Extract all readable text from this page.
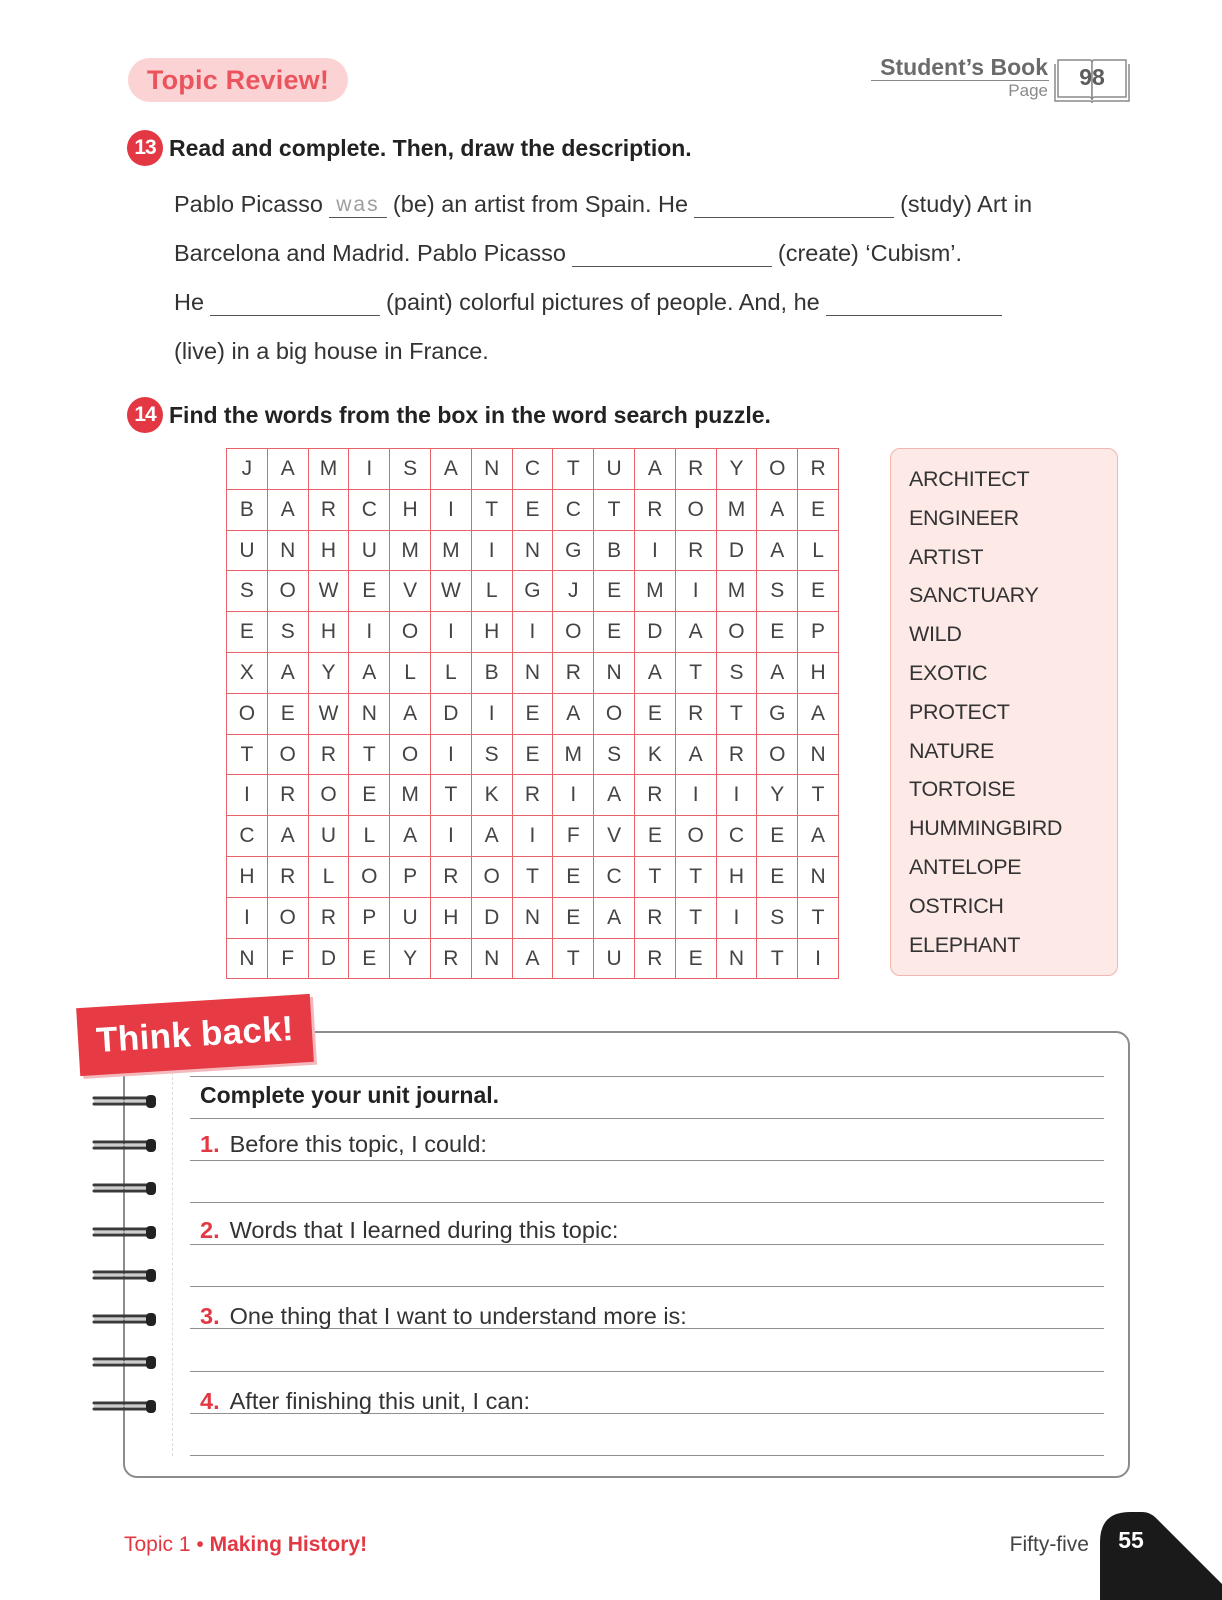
Topic Review!	Student’s Book
Page
98
13 Read and complete. Then, draw the description.
Pablo Picasso was (be) an artist from Spain. He	(study) Art in
Barcelona and Madrid. Pablo Picasso	(create) ‘Cubism’.
He	(paint) colorful pictures of people. And, he
(live) in a big house in France.
14 Find the words from the box in the word search puzzle.
J	A	M	I	S	A	N	C	T	U	A	R	Y	O	R
B	A	R	C	H	I	T	E	C	T	R	O	M	A	E
U	N	H	U	M	M	I	N	G	B	I	R	D	A	L
S	O	W	E	V	W	L	G	J	E	M	I	M	S	E
E	S	H	I	O	I	H	I	O	E	D	A	O	E	P
X	A	Y	A	L	L	B	N	R	N	A	T	S	A	H
O	E	W	N	A	D	I	E	A	O	E	R	T	G	A
T	O	R	T	O	I	S	E	M	S	K	A	R	O	N
I	R	O	E	M	T	K	R	I	A	R	I	I	Y	T
C	A	U	L	A	I	A	I	F	V	E	O	C	E	A
H	R	L	O	P	R	O	T	E	C	T	T	H	E	N
I	O	R	P	U	H	D	N	E	A	R	T	I	S	T
N	F	D	E	Y	R	N	A	T	U	R	E	N	T	I
ARCHITECT
ENGINEER
ARTIST
SANCTUARY
WILD
EXOTIC
PROTECT
NATURE
TORTOISE
HUMMINGBIRD
ANTELOPE
OSTRICH
ELEPHANT
Complete your unit journal.
1. Before this topic, I could:
2. Words that I learned during this topic:
3. One thing that I want to understand more is:
4. After finishing this unit, I can:
Think back!
Topic 1 • Making History!	Fifty-five	55
